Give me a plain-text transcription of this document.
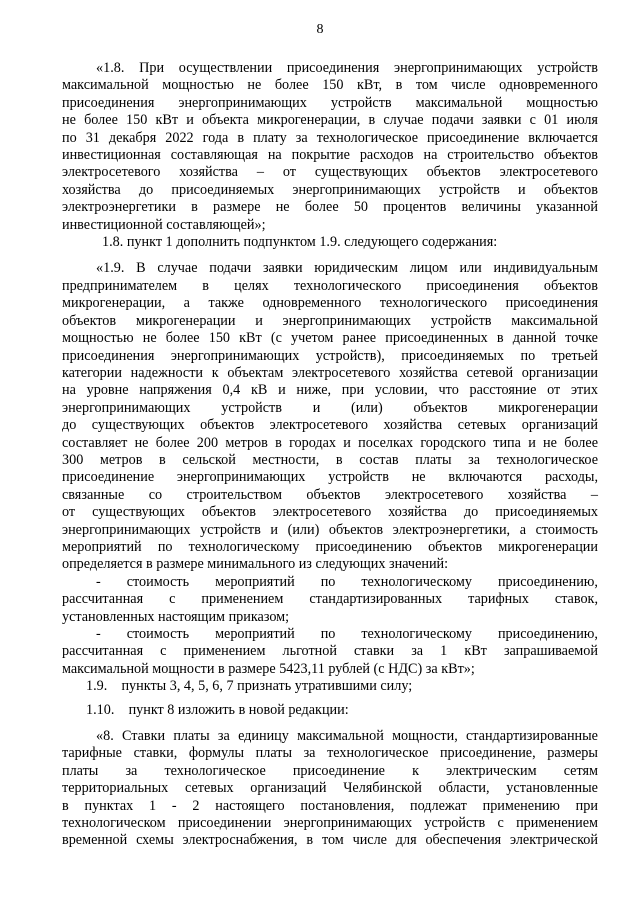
8
«1.8. При осуществлении присоединения энергопринимающих устройств
максимальной мощностью не более 150 кВт, в том числе одновременного
присоединения энергопринимающих устройств максимальной мощностью
не более 150 кВт и объекта микрогенерации, в случае подачи заявки с 01 июля
по 31 декабря 2022 года в плату за технологическое присоединение включается
инвестиционная составляющая на покрытие расходов на строительство объектов
электросетевого хозяйства – от существующих объектов электросетевого
хозяйства до присоединяемых энергопринимающих устройств и объектов
электроэнергетики в размере не более 50 процентов величины указанной
инвестиционной составляющей»;
1.8. пункт 1 дополнить подпунктом 1.9. следующего содержания:
«1.9. В случае подачи заявки юридическим лицом или индивидуальным
предпринимателем в целях технологического присоединения объектов
микрогенерации, а также одновременного технологического присоединения
объектов микрогенерации и энергопринимающих устройств максимальной
мощностью не более 150 кВт (с учетом ранее присоединенных в данной точке
присоединения энергопринимающих устройств), присоединяемых по третьей
категории надежности к объектам электросетевого хозяйства сетевой организации
на уровне напряжения 0,4 кВ и ниже, при условии, что расстояние от этих
энергопринимающих устройств и (или) объектов микрогенерации
до существующих объектов электросетевого хозяйства сетевых организаций
составляет не более 200 метров в городах и поселках городского типа и не более
300 метров в сельской местности, в состав платы за технологическое
присоединение энергопринимающих устройств не включаются расходы,
связанные со строительством объектов электросетевого хозяйства –
от существующих объектов электросетевого хозяйства до присоединяемых
энергопринимающих устройств и (или) объектов электроэнергетики, а стоимость
мероприятий по технологическому присоединению объектов микрогенерации
определяется в размере минимального из следующих значений:
- стоимость мероприятий по технологическому присоединению,
рассчитанная с применением стандартизированных тарифных ставок,
установленных настоящим приказом;
- стоимость мероприятий по технологическому присоединению,
рассчитанная с применением льготной ставки за 1 кВт запрашиваемой
максимальной мощности в размере 5423,11 рублей (с НДС) за кВт»;
1.9.    пункты 3, 4, 5, 6, 7 признать утратившими силу;
1.10.    пункт 8 изложить в новой редакции:
«8. Ставки платы за единицу максимальной мощности, стандартизированные
тарифные ставки, формулы платы за технологическое присоединение, размеры
платы за технологическое присоединение к электрическим сетям
территориальных сетевых организаций Челябинской области, установленные
в пунктах 1 - 2 настоящего постановления, подлежат применению при
технологическом присоединении энергопринимающих устройств с применением
временной схемы электроснабжения, в том числе для обеспечения электрической
